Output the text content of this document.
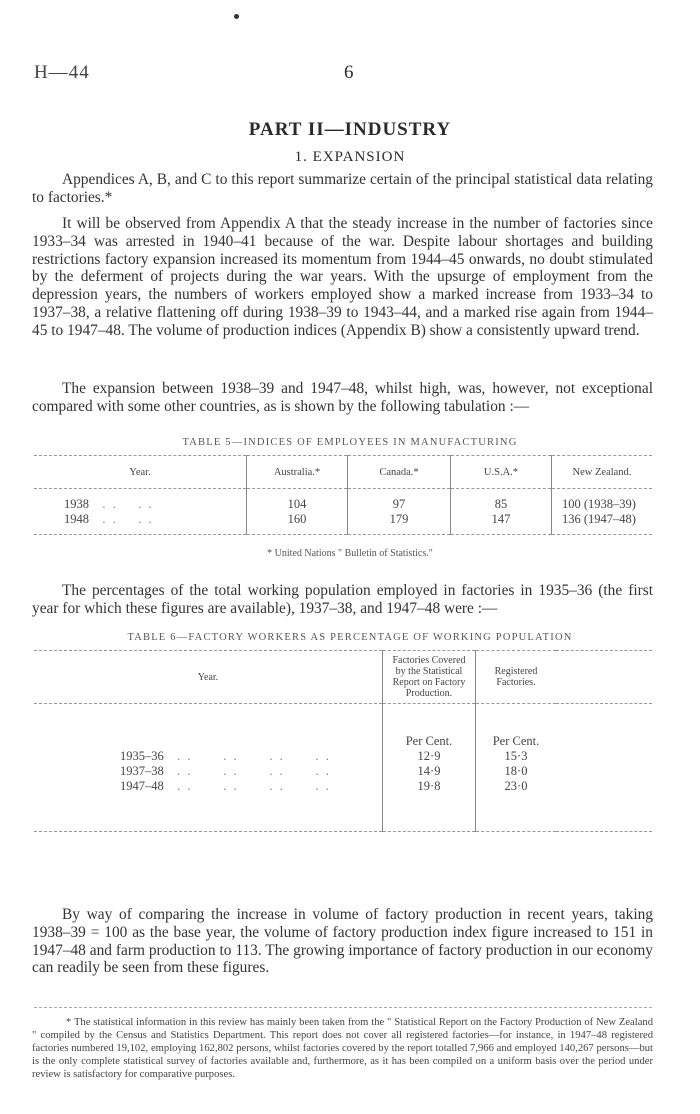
H—44	6
PART II—INDUSTRY
1. EXPANSION
Appendices A, B, and C to this report summarize certain of the principal statistical data relating to factories.*
It will be observed from Appendix A that the steady increase in the number of factories since 1933–34 was arrested in 1940–41 because of the war. Despite labour shortages and building restrictions factory expansion increased its momentum from 1944–45 onwards, no doubt stimulated by the deferment of projects during the war years. With the upsurge of employment from the depression years, the numbers of workers employed show a marked increase from 1933–34 to 1937–38, a relative flattening off during 1938–39 to 1943–44, and a marked rise again from 1944–45 to 1947–48. The volume of production indices (Appendix B) show a consistently upward trend.
The expansion between 1938–39 and 1947–48, whilst high, was, however, not exceptional compared with some other countries, as is shown by the following tabulation :—
TABLE 5—INDICES OF EMPLOYEES IN MANUFACTURING
Year.	Australia.*	Canada.*	U.S.A.*	New Zealand.

1938   . .    . .	104	97	85	100 (1938–39)
1948   . .    . .	160	179	147	136 (1947–48)
* United Nations " Bulletin of Statistics."
The percentages of the total working population employed in factories in 1935–36 (the first year for which these figures are available), 1937–38, and 1947–48 were :—
TABLE 6—FACTORY WORKERS AS PERCENTAGE OF WORKING POPULATION
Year.	Factories Covered by the Statistical Report on Factory Production.	Registered Factories.	

	Per Cent.	Per Cent.	
1935–36   . .      . .      . .      . .	12·9	15·3	
1937–38   . .      . .      . .      . .	14·9	18·0	
1947–48   . .      . .      . .      . .	19·8	23·0	
By way of comparing the increase in volume of factory production in recent years, taking 1938–39 = 100 as the base year, the volume of factory production index figure increased to 151 in 1947–48 and farm production to 113. The growing importance of factory production in our economy can readily be seen from these figures.
* The statistical information in this review has mainly been taken from the " Statistical Report on the Factory Production of New Zealand " compiled by the Census and Statistics Department. This report does not cover all registered factories—for instance, in 1947–48 registered factories numbered 19,102, employing 162,802 persons, whilst factories covered by the report totalled 7,966 and employed 140,267 persons—but is the only complete statistical survey of factories available and, furthermore, as it has been compiled on a uniform basis over the period under review is satisfactory for comparative purposes.
